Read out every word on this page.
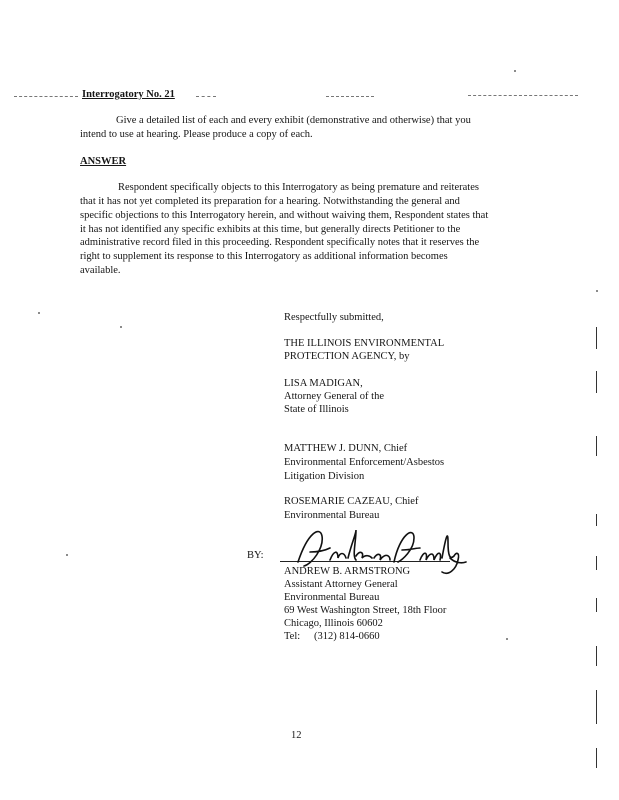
Interrogatory No. 21
Give a detailed list of each and every exhibit (demonstrative and otherwise) that you
intend to use at hearing. Please produce a copy of each.
ANSWER
Respondent specifically objects to this Interrogatory as being premature and reiterates
that it has not yet completed its preparation for a hearing. Notwithstanding the general and
specific objections to this Interrogatory herein, and without waiving them, Respondent states that
it has not identified any specific exhibits at this time, but generally directs Petitioner to the
administrative record filed in this proceeding. Respondent specifically notes that it reserves the
right to supplement its response to this Interrogatory as additional information becomes
available.
Respectfully submitted,
THE ILLINOIS ENVIRONMENTAL
PROTECTION AGENCY, by
LISA MADIGAN,
Attorney General of the
State of Illinois
MATTHEW J. DUNN, Chief
Environmental Enforcement/Asbestos
Litigation Division
ROSEMARIE CAZEAU, Chief
Environmental Bureau
BY:
ANDREW B. ARMSTRONG
Assistant Attorney General
Environmental Bureau
69 West Washington Street, 18th Floor
Chicago, Illinois 60602
Tel: (312) 814-0660
12
